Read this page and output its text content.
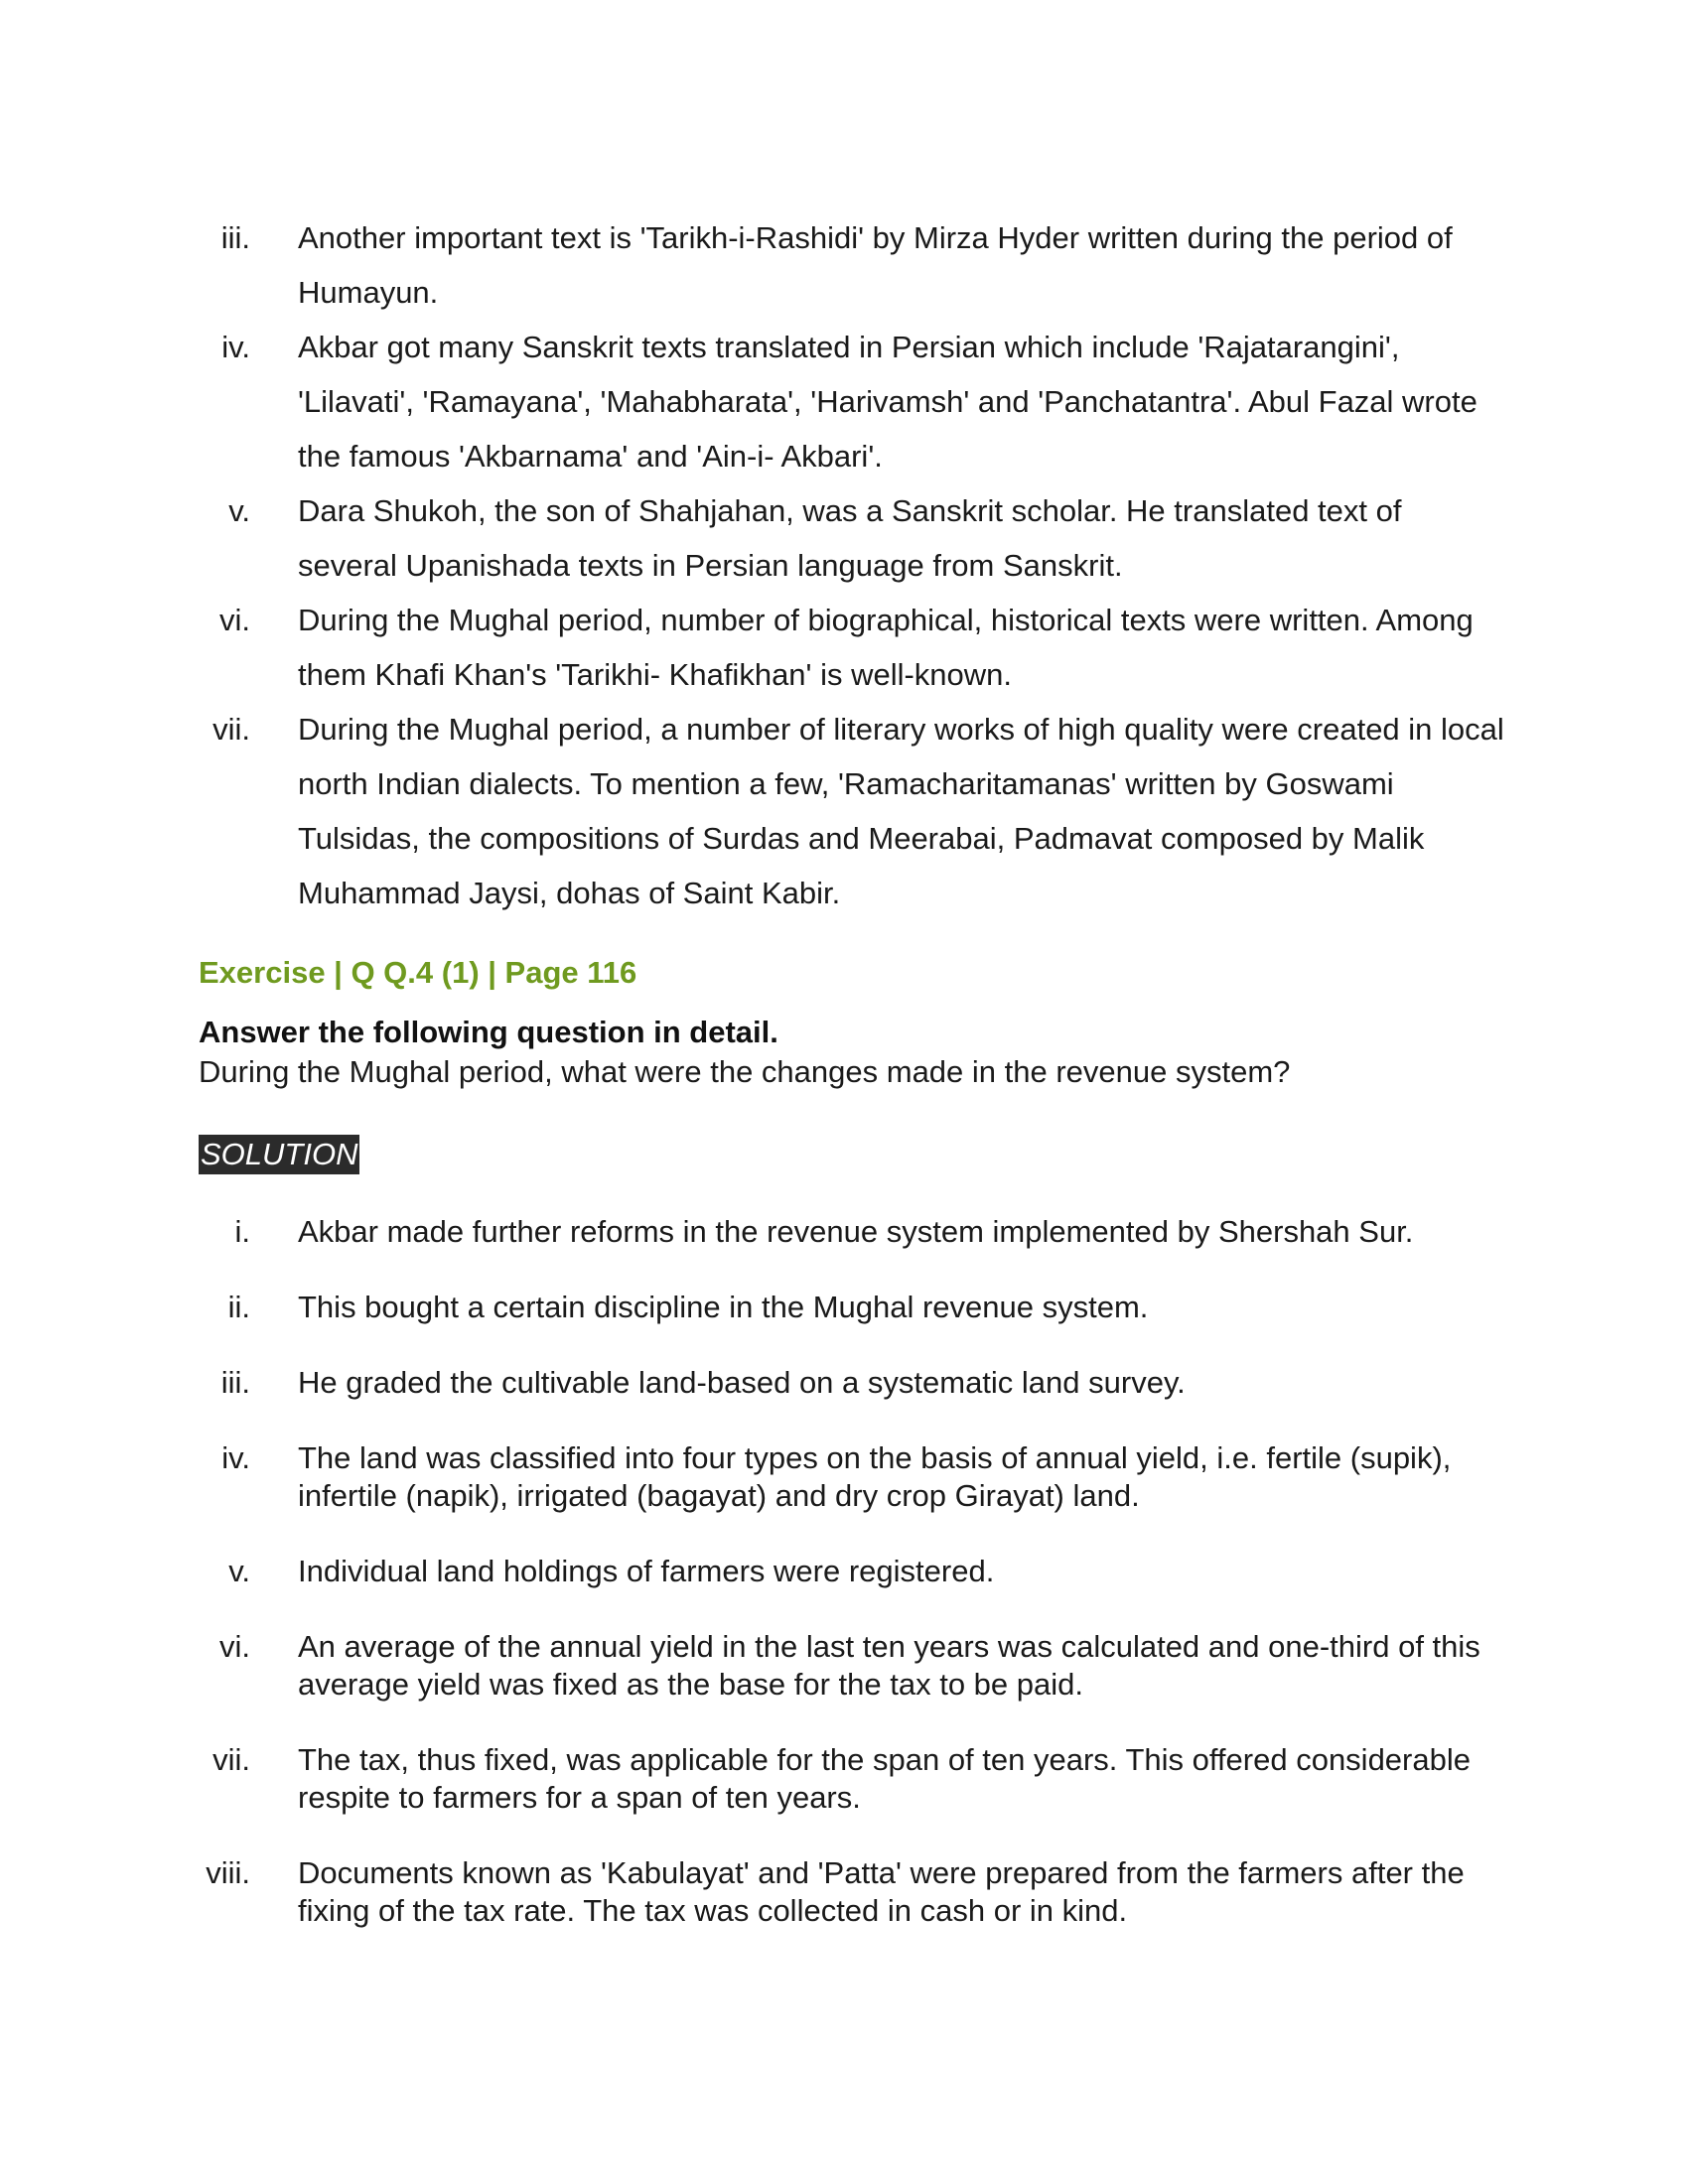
iii.	Another important text is 'Tarikh-i-Rashidi' by Mirza Hyder written during the period of Humayun.
iv.	Akbar got many Sanskrit texts translated in Persian which include 'Rajatarangini', 'Lilavati', 'Ramayana', 'Mahabharata', 'Harivamsh' and 'Panchatantra'. Abul Fazal wrote the famous 'Akbarnama' and 'Ain-i- Akbari'.
v.	Dara Shukoh, the son of Shahjahan, was a Sanskrit scholar. He translated text of several Upanishada texts in Persian language from Sanskrit.
vi.	During the Mughal period, number of biographical, historical texts were written. Among them Khafi Khan's 'Tarikhi- Khafikhan' is well-known.
vii.	During the Mughal period, a number of literary works of high quality were created in local north Indian dialects. To mention a few, 'Ramacharitamanas' written by Goswami Tulsidas, the compositions of Surdas and Meerabai, Padmavat composed by Malik Muhammad Jaysi, dohas of Saint Kabir.
Exercise | Q Q.4 (1) | Page 116
Answer the following question in detail.
During the Mughal period, what were the changes made in the revenue system?
SOLUTION
i.	Akbar made further reforms in the revenue system implemented by Shershah Sur.
ii.	This bought a certain discipline in the Mughal revenue system.
iii.	He graded the cultivable land-based on a systematic land survey.
iv.	The land was classified into four types on the basis of annual yield, i.e. fertile (supik), infertile (napik), irrigated (bagayat) and dry crop Girayat) land.
v.	Individual land holdings of farmers were registered.
vi.	An average of the annual yield in the last ten years was calculated and one-third of this average yield was fixed as the base for the tax to be paid.
vii.	The tax, thus fixed, was applicable for the span of ten years. This offered considerable respite to farmers for a span of ten years.
viii.	Documents known as 'Kabulayat' and 'Patta' were prepared from the farmers after the fixing of the tax rate. The tax was collected in cash or in kind.
